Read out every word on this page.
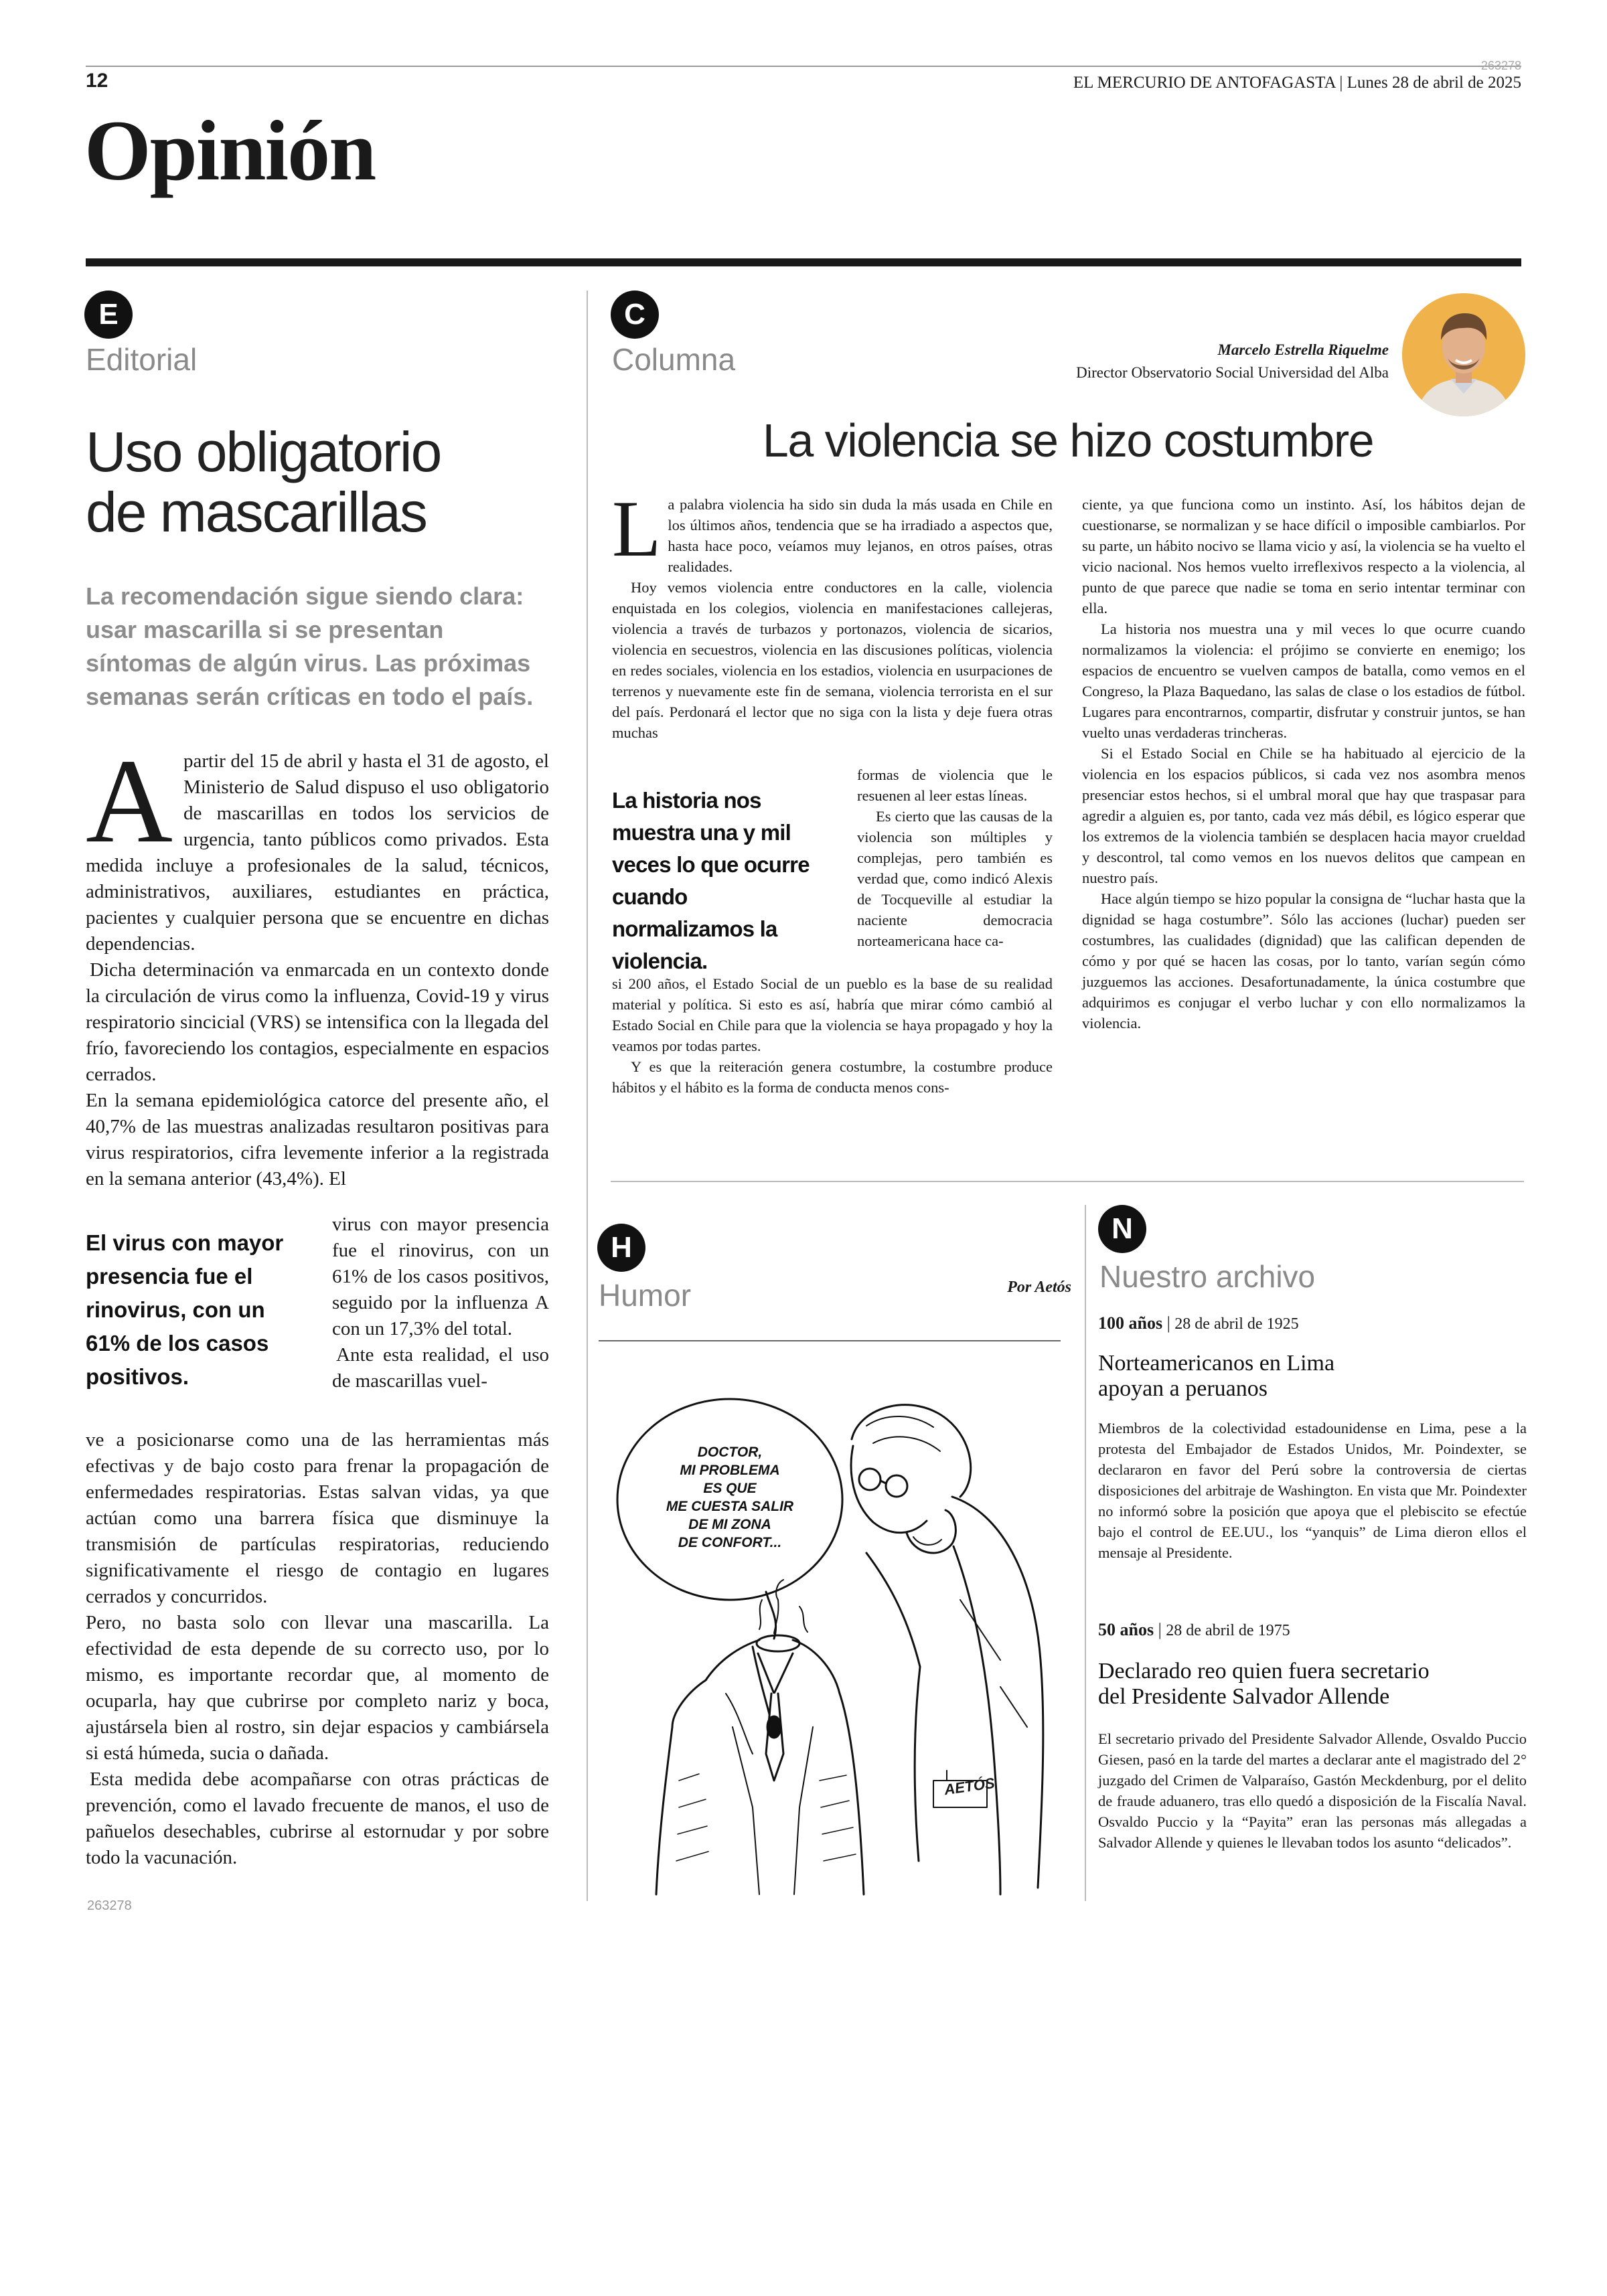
12	EL MERCURIO DE ANTOFAGASTA | Lunes 28 de abril de 2025
263278
Opinión
E
Editorial
Uso obligatorio de mascarillas
La recomendación sigue siendo clara: usar mascarilla si se presentan síntomas de algún virus. Las próximas semanas serán críticas en todo el país.
A partir del 15 de abril y hasta el 31 de agosto, el Ministerio de Salud dispuso el uso obligatorio de mascarillas en todos los servicios de urgencia, tanto públicos como privados. Esta medida incluye a profesionales de la salud, técnicos, administrativos, auxiliares, estudiantes en práctica, pacientes y cualquier persona que se encuentre en dichas dependencias.

Dicha determinación va enmarcada en un contexto donde la circulación de virus como la influenza, Covid-19 y virus respiratorio sincicial (VRS) se intensifica con la llegada del frío, favoreciendo los contagios, especialmente en espacios cerrados.

En la semana epidemiológica catorce del presente año, el 40,7% de las muestras analizadas resultaron positivas para virus respiratorios, cifra levemente inferior a la registrada en la semana anterior (43,4%). El

El virus con mayor presencia fue el rinovirus, con un 61% de los casos positivos.

virus con mayor presencia fue el rinovirus, con un 61% de los casos positivos, seguido por la influenza A con un 17,3% del total.

Ante esta realidad, el uso de mascarillas vuel-

ve a posicionarse como una de las herramientas más efectivas y de bajo costo para frenar la propagación de enfermedades respiratorias. Estas salvan vidas, ya que actúan como una barrera física que disminuye la transmisión de partículas respiratorias, reduciendo significativamente el riesgo de contagio en lugares cerrados y concurridos.

Pero, no basta solo con llevar una mascarilla. La efectividad de esta depende de su correcto uso, por lo mismo, es importante recordar que, al momento de ocuparla, hay que cubrirse por completo nariz y boca, ajustársela bien al rostro, sin dejar espacios y cambiársela si está húmeda, sucia o dañada.

Esta medida debe acompañarse con otras prácticas de prevención, como el lavado frecuente de manos, el uso de pañuelos desechables, cubrirse al estornudar y por sobre todo la vacunación.

263278
C
Columna	Marcelo Estrella Riquelme
Director Observatorio Social Universidad del Alba
La violencia se hizo costumbre
L a palabra violencia ha sido sin duda la más usada en Chile en los últimos años, tendencia que se ha irradiado a aspectos que, hasta hace poco, veíamos muy lejanos, en otros países, otras realidades.

Hoy vemos violencia entre conductores en la calle, violencia enquistada en los colegios, violencia en manifestaciones callejeras, violencia a través de turbazos y portonazos, violencia de sicarios, violencia en secuestros, violencia en las discusiones políticas, violencia en redes sociales, violencia en los estadios, violencia en usurpaciones de terrenos y nuevamente este fin de semana, violencia terrorista en el sur del país. Perdonará el lector que no siga con la lista y deje fuera otras muchas

La historia nos muestra una y mil veces lo que ocurre cuando normalizamos la violencia.

formas de violencia que le resuenen al leer estas líneas.

Es cierto que las causas de la violencia son múltiples y complejas, pero también es verdad que, como indicó Alexis de Tocqueville al estudiar la naciente democracia norteamericana hace ca-

si 200 años, el Estado Social de un pueblo es la base de su realidad material y política. Si esto es así, habría que mirar cómo cambió al Estado Social en Chile para que la violencia se haya propagado y hoy la veamos por todas partes.

Y es que la reiteración genera costumbre, la costumbre produce hábitos y el hábito es la forma de conducta menos cons-

ciente, ya que funciona como un instinto. Así, los hábitos dejan de cuestionarse, se normalizan y se hace difícil o imposible cambiarlos. Por su parte, un hábito nocivo se llama vicio y así, la violencia se ha vuelto el vicio nacional. Nos hemos vuelto irreflexivos respecto a la violencia, al punto de que parece que nadie se toma en serio intentar terminar con ella.

La historia nos muestra una y mil veces lo que ocurre cuando normalizamos la violencia: el prójimo se convierte en enemigo; los espacios de encuentro se vuelven campos de batalla, como vemos en el Congreso, la Plaza Baquedano, las salas de clase o los estadios de fútbol. Lugares para encontrarnos, compartir, disfrutar y construir juntos, se han vuelto unas verdaderas trincheras.

Si el Estado Social en Chile se ha habituado al ejercicio de la violencia en los espacios públicos, si cada vez nos asombra menos presenciar estos hechos, si el umbral moral que hay que traspasar para agredir a alguien es, por tanto, cada vez más débil, es lógico esperar que los extremos de la violencia también se desplacen hacia mayor crueldad y descontrol, tal como vemos en los nuevos delitos que campean en nuestro país.

Hace algún tiempo se hizo popular la consigna de “luchar hasta que la dignidad se haga costumbre”. Sólo las acciones (luchar) pueden ser costumbres, las cualidades (dignidad) que las califican dependen de cómo y por qué se hacen las cosas, por lo tanto, varían según cómo juzguemos las acciones. Desafortunadamente, la única costumbre que adquirimos es conjugar el verbo luchar y con ello normalizamos la violencia.

H
Humor	Por Aetós
DOCTOR,
MI PROBLEMA
ES QUE
ME CUESTA SALIR
DE MI ZONA
DE CONFORT...
AETÓS
N
Nuestro archivo
100 años | 28 de abril de 1925
Norteamericanos en Lima apoyan a peruanos
Miembros de la colectividad estadounidense en Lima, pese a la protesta del Embajador de Estados Unidos, Mr. Poindexter, se declararon en favor del Perú sobre la controversia de ciertas disposiciones del arbitraje de Washington. En vista que Mr. Poindexter no informó sobre la posición que apoya que el plebiscito se efectúe bajo el control de EE.UU., los “yanquis” de Lima dieron ellos el mensaje al Presidente.
50 años | 28 de abril de 1975
Declarado reo quien fuera secretario del Presidente Salvador Allende
El secretario privado del Presidente Salvador Allende, Osvaldo Puccio Giesen, pasó en la tarde del martes a declarar ante el magistrado del 2° juzgado del Crimen de Valparaíso, Gastón Meckdenburg, por el delito de fraude aduanero, tras ello quedó a disposición de la Fiscalía Naval. Osvaldo Puccio y la “Payita” eran las personas más allegadas a Salvador Allende y quienes le llevaban todos los asunto “delicados”.
